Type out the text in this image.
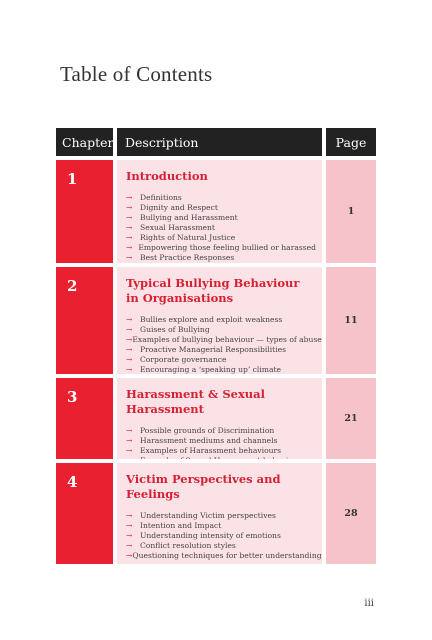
Table of Contents
Chapter Description	Page
1	Introduction
→	Definitions
→	Dignity and Respect
→	Bullying and Harassment
→	Sexual Harassment
→	Rights of Natural Justice
→ Empowering those feeling bullied or harassed
→	Best Practice Responses
1
2	Typical Bullying Behaviour in Organisations
→	Bullies explore and exploit weakness
→	Guises of Bullying
→ Examples of bullying behaviour — types of abuse
→	Proactive Managerial Responsibilities
→	Corporate governance
→	Encouraging a ‘speaking up’ climate
11
3	Harassment & Sexual Harassment
→	Possible grounds of Discrimination
→	Harassment mediums and channels
→	Examples of Harassment behaviours
21
4	Victim Perspectives and Feelings
→	Understanding Victim perspectives
→	Intention and Impact
→	Understanding intensity of emotions
→	Conflict resolution styles
→ Questioning techniques for better understanding
28
iii
